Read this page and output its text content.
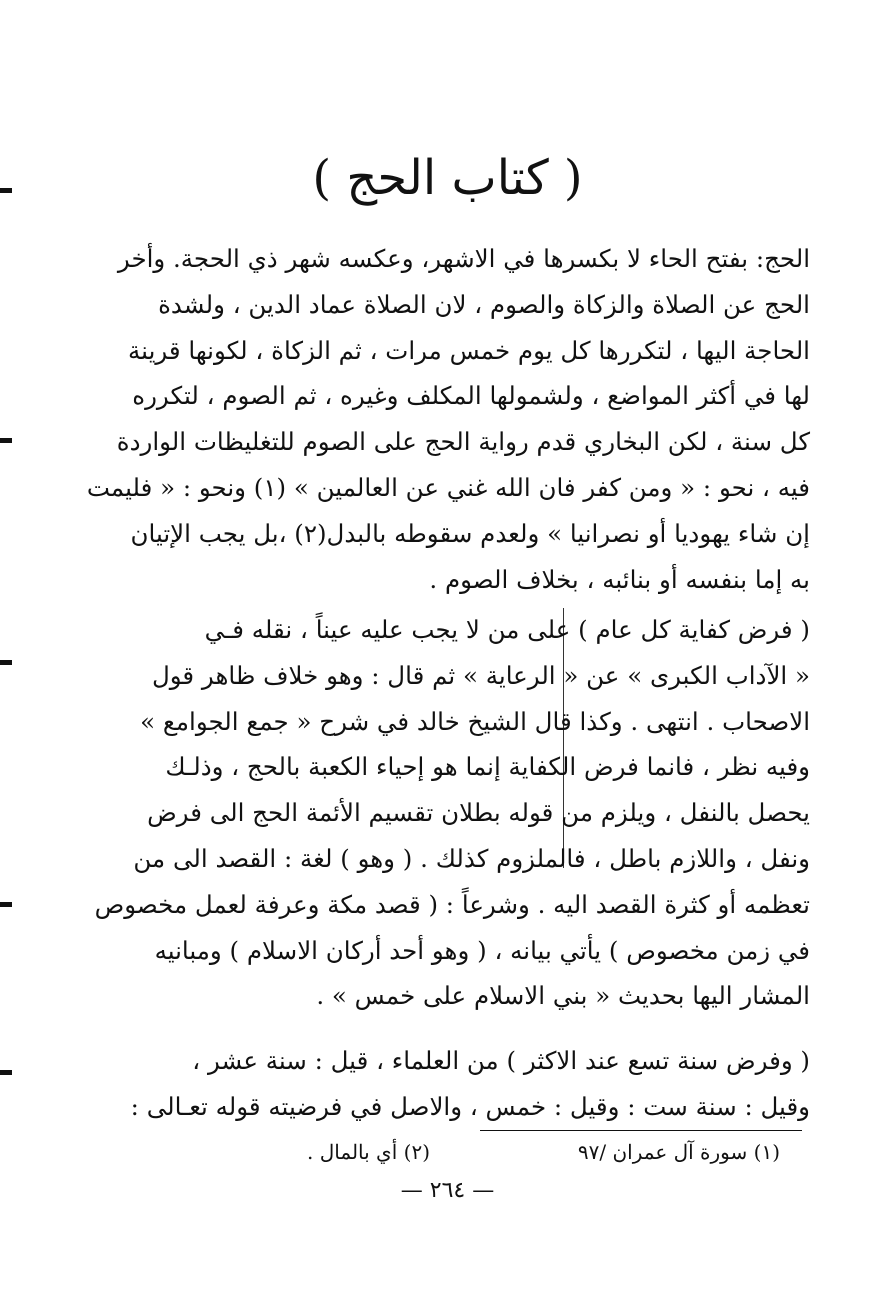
( كتاب الحج )
الحج: بفتح الحاء لا بكسرها في الاشهر، وعكسه شهر ذي الحجة. وأخر
الحج عن الصلاة والزكاة والصوم ، لان الصلاة عماد الدين ، ولشدة
الحاجة اليها ، لتكررها كل يوم خمس مرات ، ثم الزكاة ، لكونها قرينة
لها في أكثر المواضع ، ولشمولها المكلف وغيره ، ثم الصوم ، لتكرره
كل سنة ، لكن البخاري قدم رواية الحج على الصوم للتغليظات الواردة
فيه ، نحو : « ومن كفر فان الله غني عن العالمين » (١) ونحو : « فليمت
إن شاء يهوديا أو نصرانيا » ولعدم سقوطه بالبدل(٢) ،بل يجب الإتيان
به إما بنفسه أو بنائبه ، بخلاف الصوم .
( فرض كفاية كل عام ) على من لا يجب عليه عيناً ، نقله فـي
« الآداب الكبرى » عن « الرعاية » ثم قال : وهو خلاف ظاهر قول
الاصحاب . انتهى . وكذا قال الشيخ خالد في شرح « جمع الجوامع »
وفيه نظر ، فانما فرض الكفاية إنما هو إحياء الكعبة بالحج ، وذلـك
يحصل بالنفل ، ويلزم من قوله بطلان تقسيم الأئمة الحج الى فرض
ونفل ، واللازم باطل ، فالملزوم كذلك . ( وهو ) لغة : القصد الى من
تعظمه أو كثرة القصد اليه . وشرعاً : ( قصد مكة وعرفة لعمل مخصوص
في زمن مخصوص ) يأتي بيانه ، ( وهو أحد أركان الاسلام ) ومبانيه
المشار اليها بحديث « بني الاسلام على خمس » .
( وفرض سنة تسع عند الاكثر ) من العلماء ، قيل : سنة عشر ،
وقيل : سنة ست : وقيل : خمس ، والاصل في فرضيته قوله تعـالى :
(١) سورة آل عمران /٩٧
(٢) أي بالمال .
— ٢٦٤ —
